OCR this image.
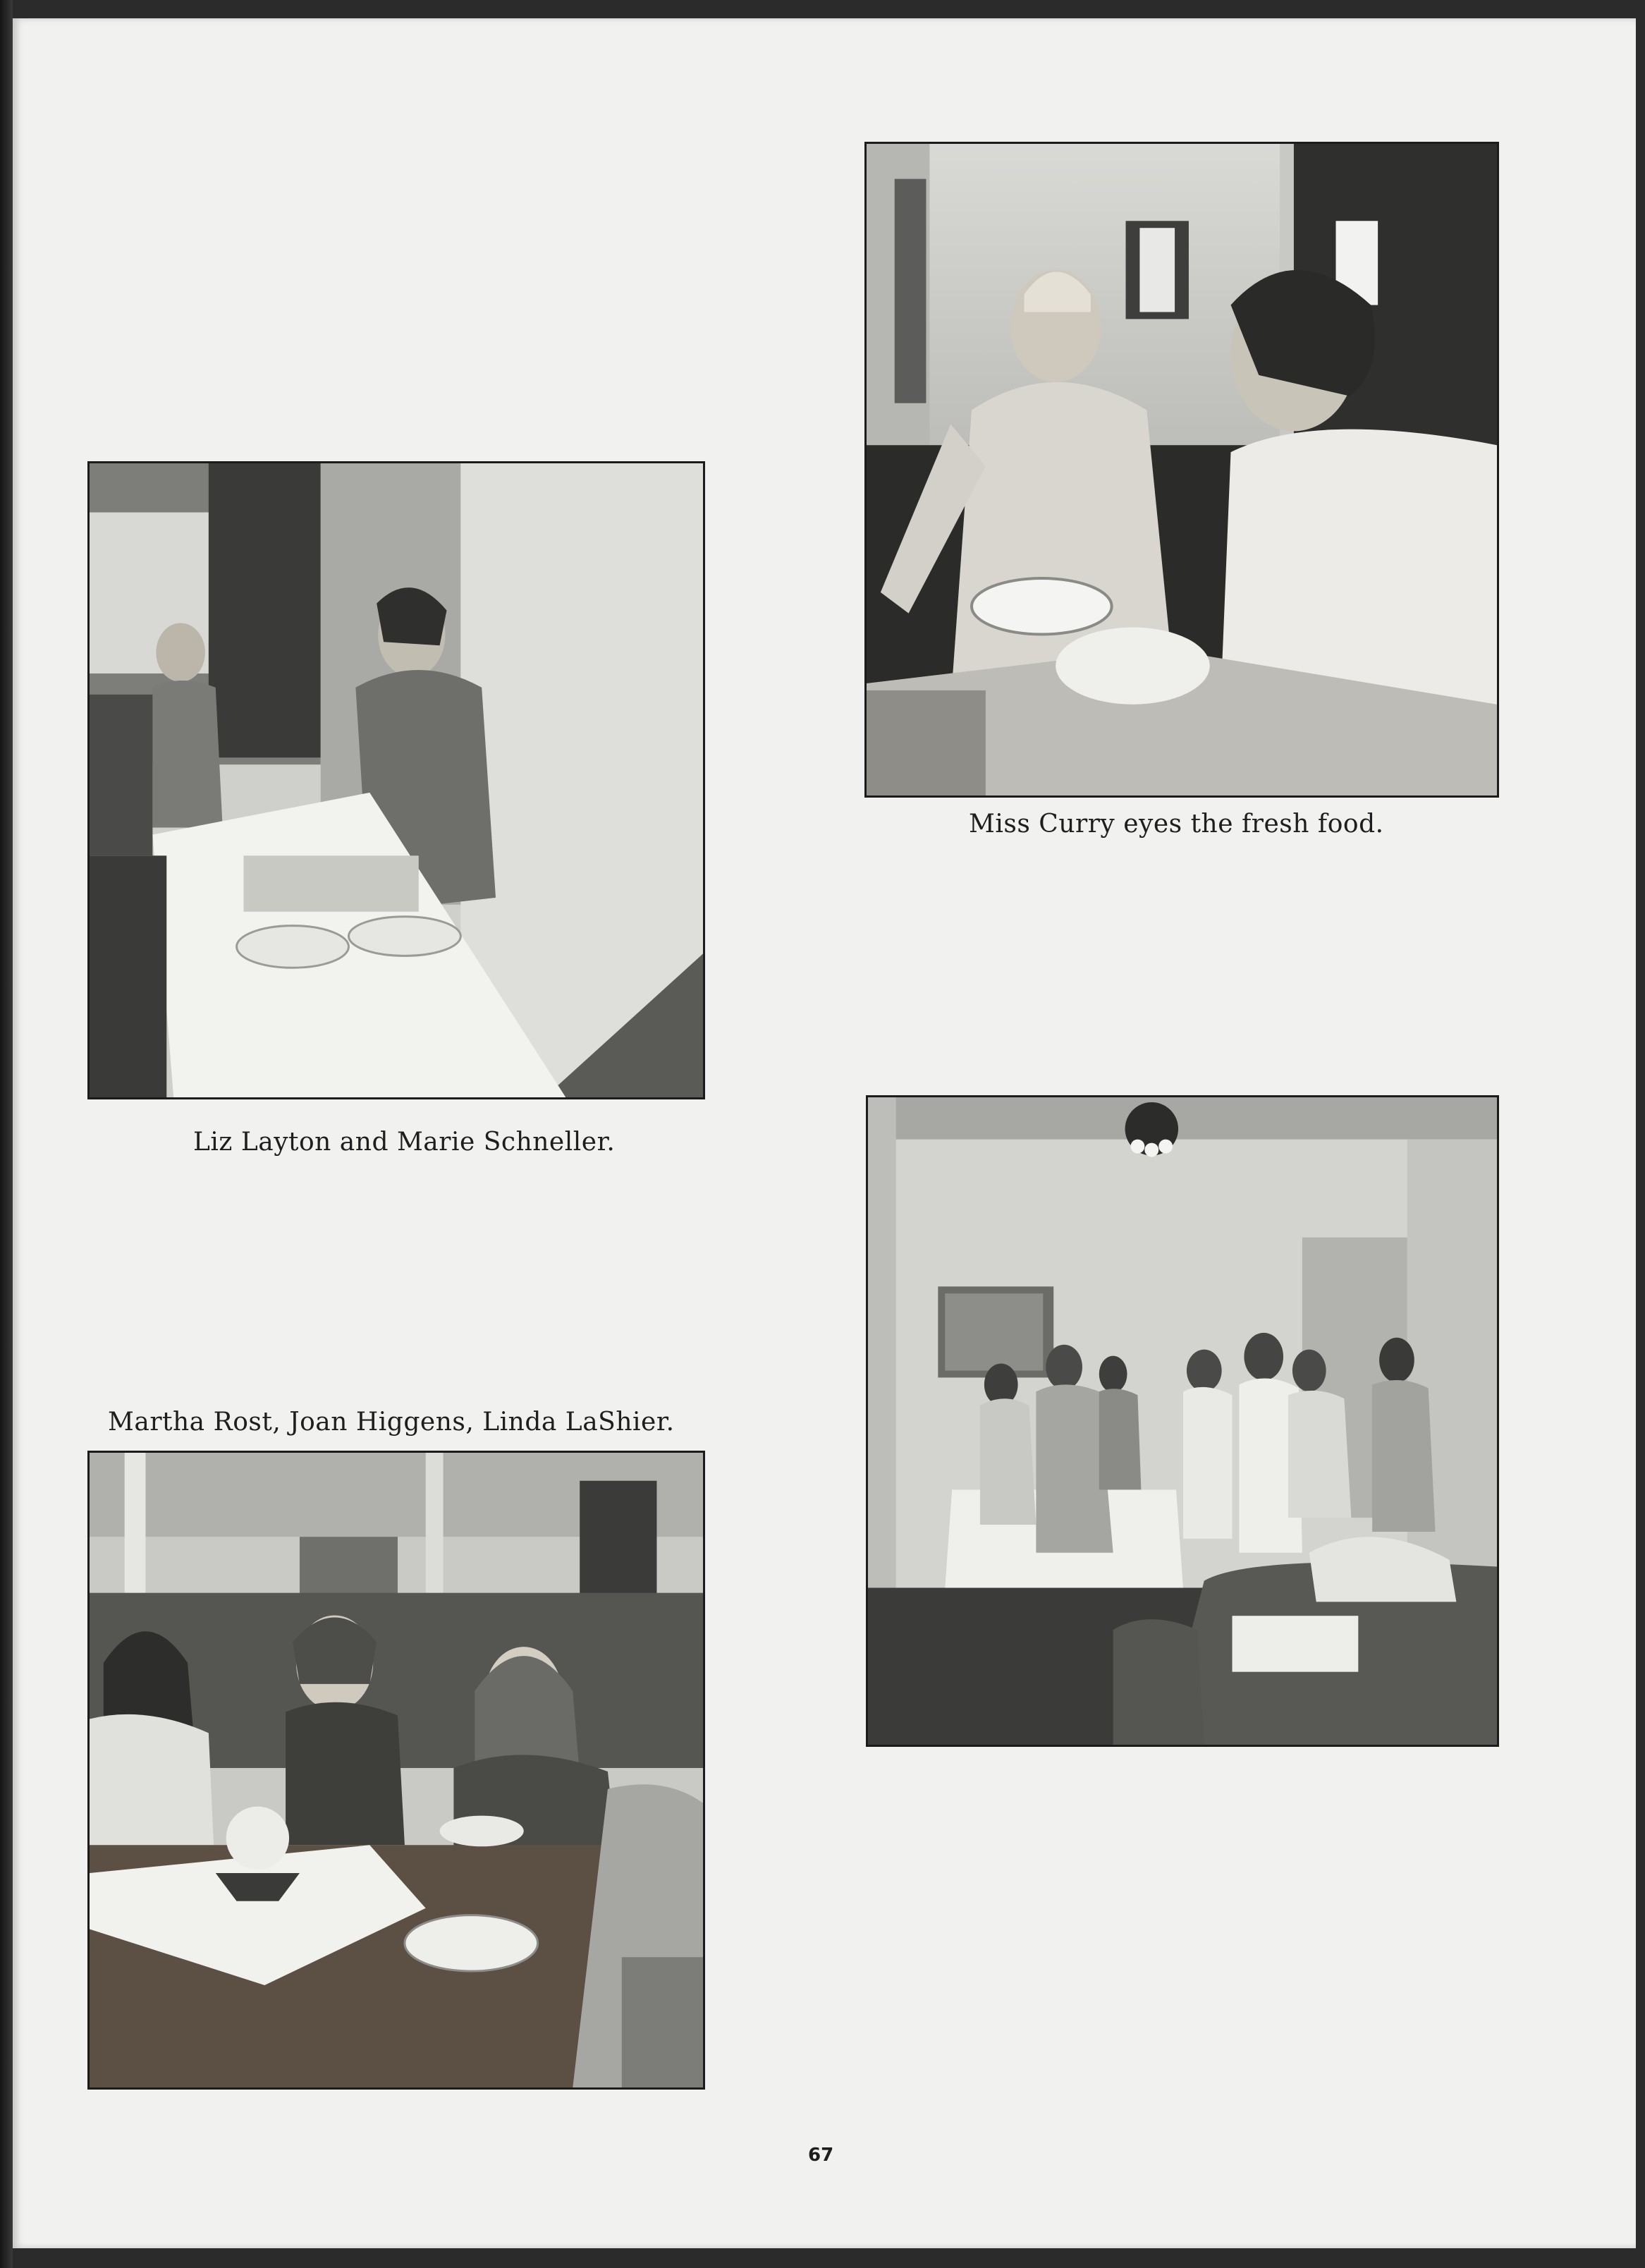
Miss Curry eyes the fresh food.
Liz Layton and Marie Schneller.
Martha Rost, Joan Higgens, Linda LaShier.
67
